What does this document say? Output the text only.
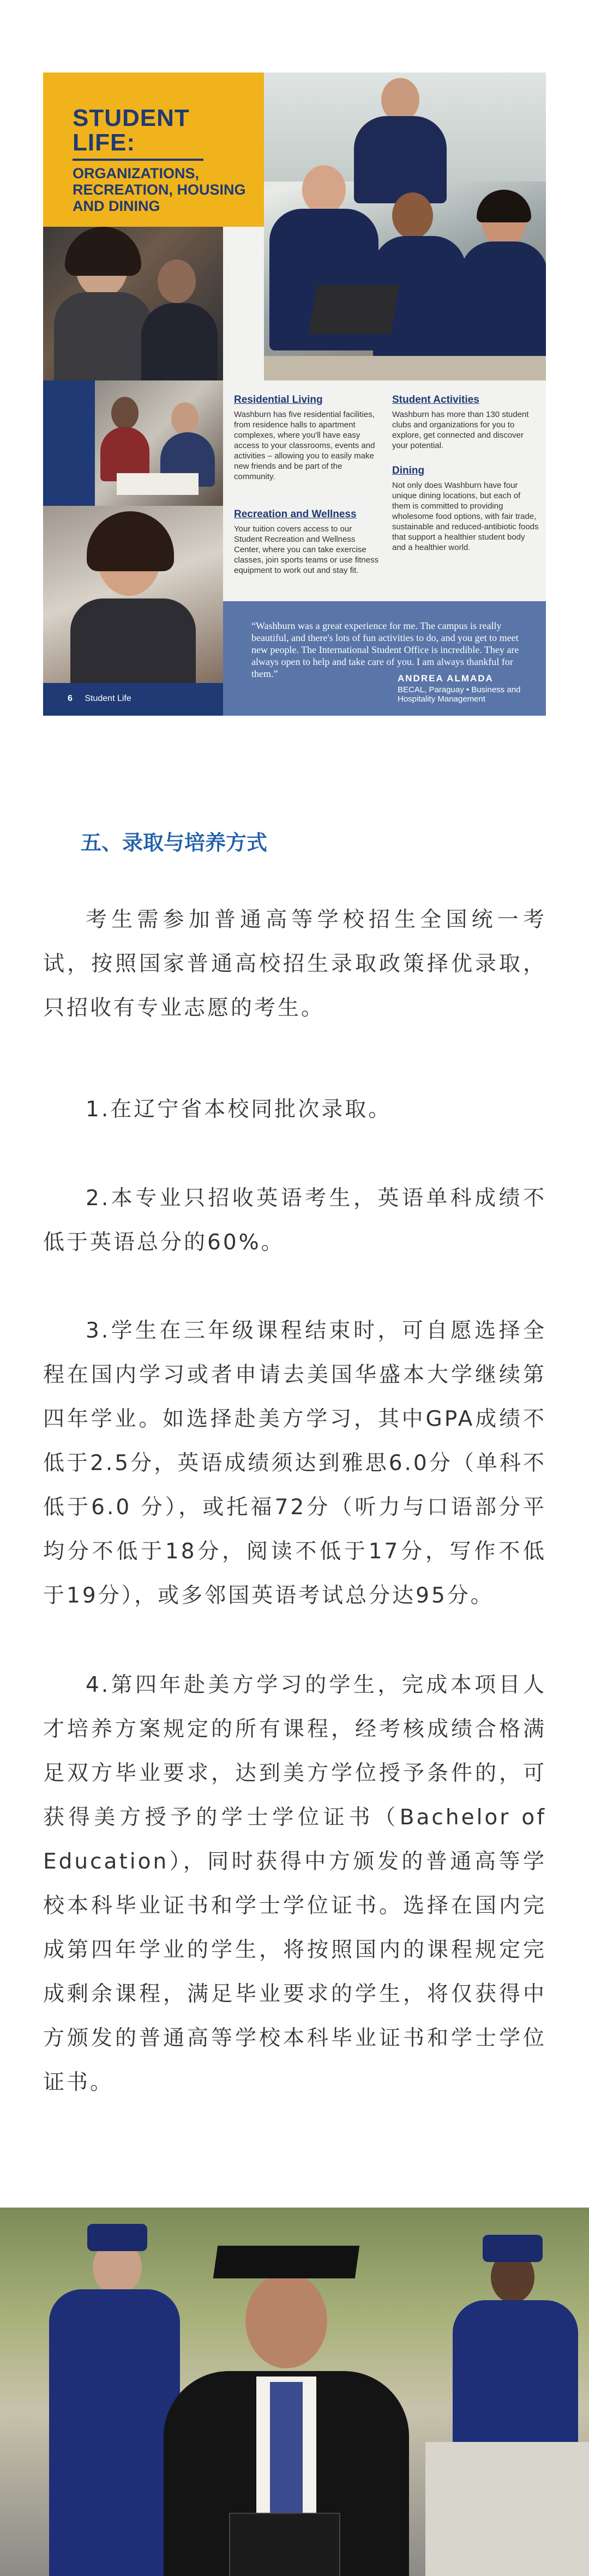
STUDENT
LIFE:
ORGANIZATIONS,
RECREATION, HOUSING
AND DINING
6 Student Life
Residential Living

Washburn has five residential facilities, from residence halls to apartment complexes, where you'll have easy access to your classrooms, events and activities – allowing you to easily make new friends and be part of the community.

Recreation and Wellness

Your tuition covers access to our Student Recreation and Wellness Center, where you can take exercise classes, join sports teams or use fitness equipment to work out and stay fit.

Student Activities

Washburn has more than 130 student clubs and organizations for you to explore, get connected and discover your potential.

Dining

Not only does Washburn have four unique dining locations, but each of them is committed to providing wholesome food options, with fair trade, sustainable and reduced-antibiotic foods that support a healthier student body and a healthier world.

“Washburn was a great experience for me. The campus is really beautiful, and there's lots of fun activities to do, and you get to meet new people. The International Student Office is incredible. They are always open to help and take care of you. I am always thankful for them.”	ANDREA ALMADA
BECAL, Paraguay • Business and Hospitality Management
五、录取与培养方式
考生需参加普通高等学校招生全国统一考试，按照国家普通高校招生录取政策择优录取，只招收有专业志愿的考生。
1.在辽宁省本校同批次录取。
2.本专业只招收英语考生，英语单科成绩不低于英语总分的60%。
3.学生在三年级课程结束时，可自愿选择全程在国内学习或者申请去美国华盛本大学继续第四年学业。如选择赴美方学习，其中GPA成绩不低于2.5分，英语成绩须达到雅思6.0分（单科不低于6.0 分），或托福72分（听力与口语部分平均分不低于18分，阅读不低于17分，写作不低于19分），或多邻国英语考试总分达95分。
4.第四年赴美方学习的学生，完成本项目人才培养方案规定的所有课程，经考核成绩合格满足双方毕业要求，达到美方学位授予条件的，可获得美方授予的学士学位证书（Bachelor of Education），同时获得中方颁发的普通高等学校本科毕业证书和学士学位证书。选择在国内完成第四年学业的学生，将按照国内的课程规定完成剩余课程，满足毕业要求的学生，将仅获得中方颁发的普通高等学校本科毕业证书和学士学位证书。
